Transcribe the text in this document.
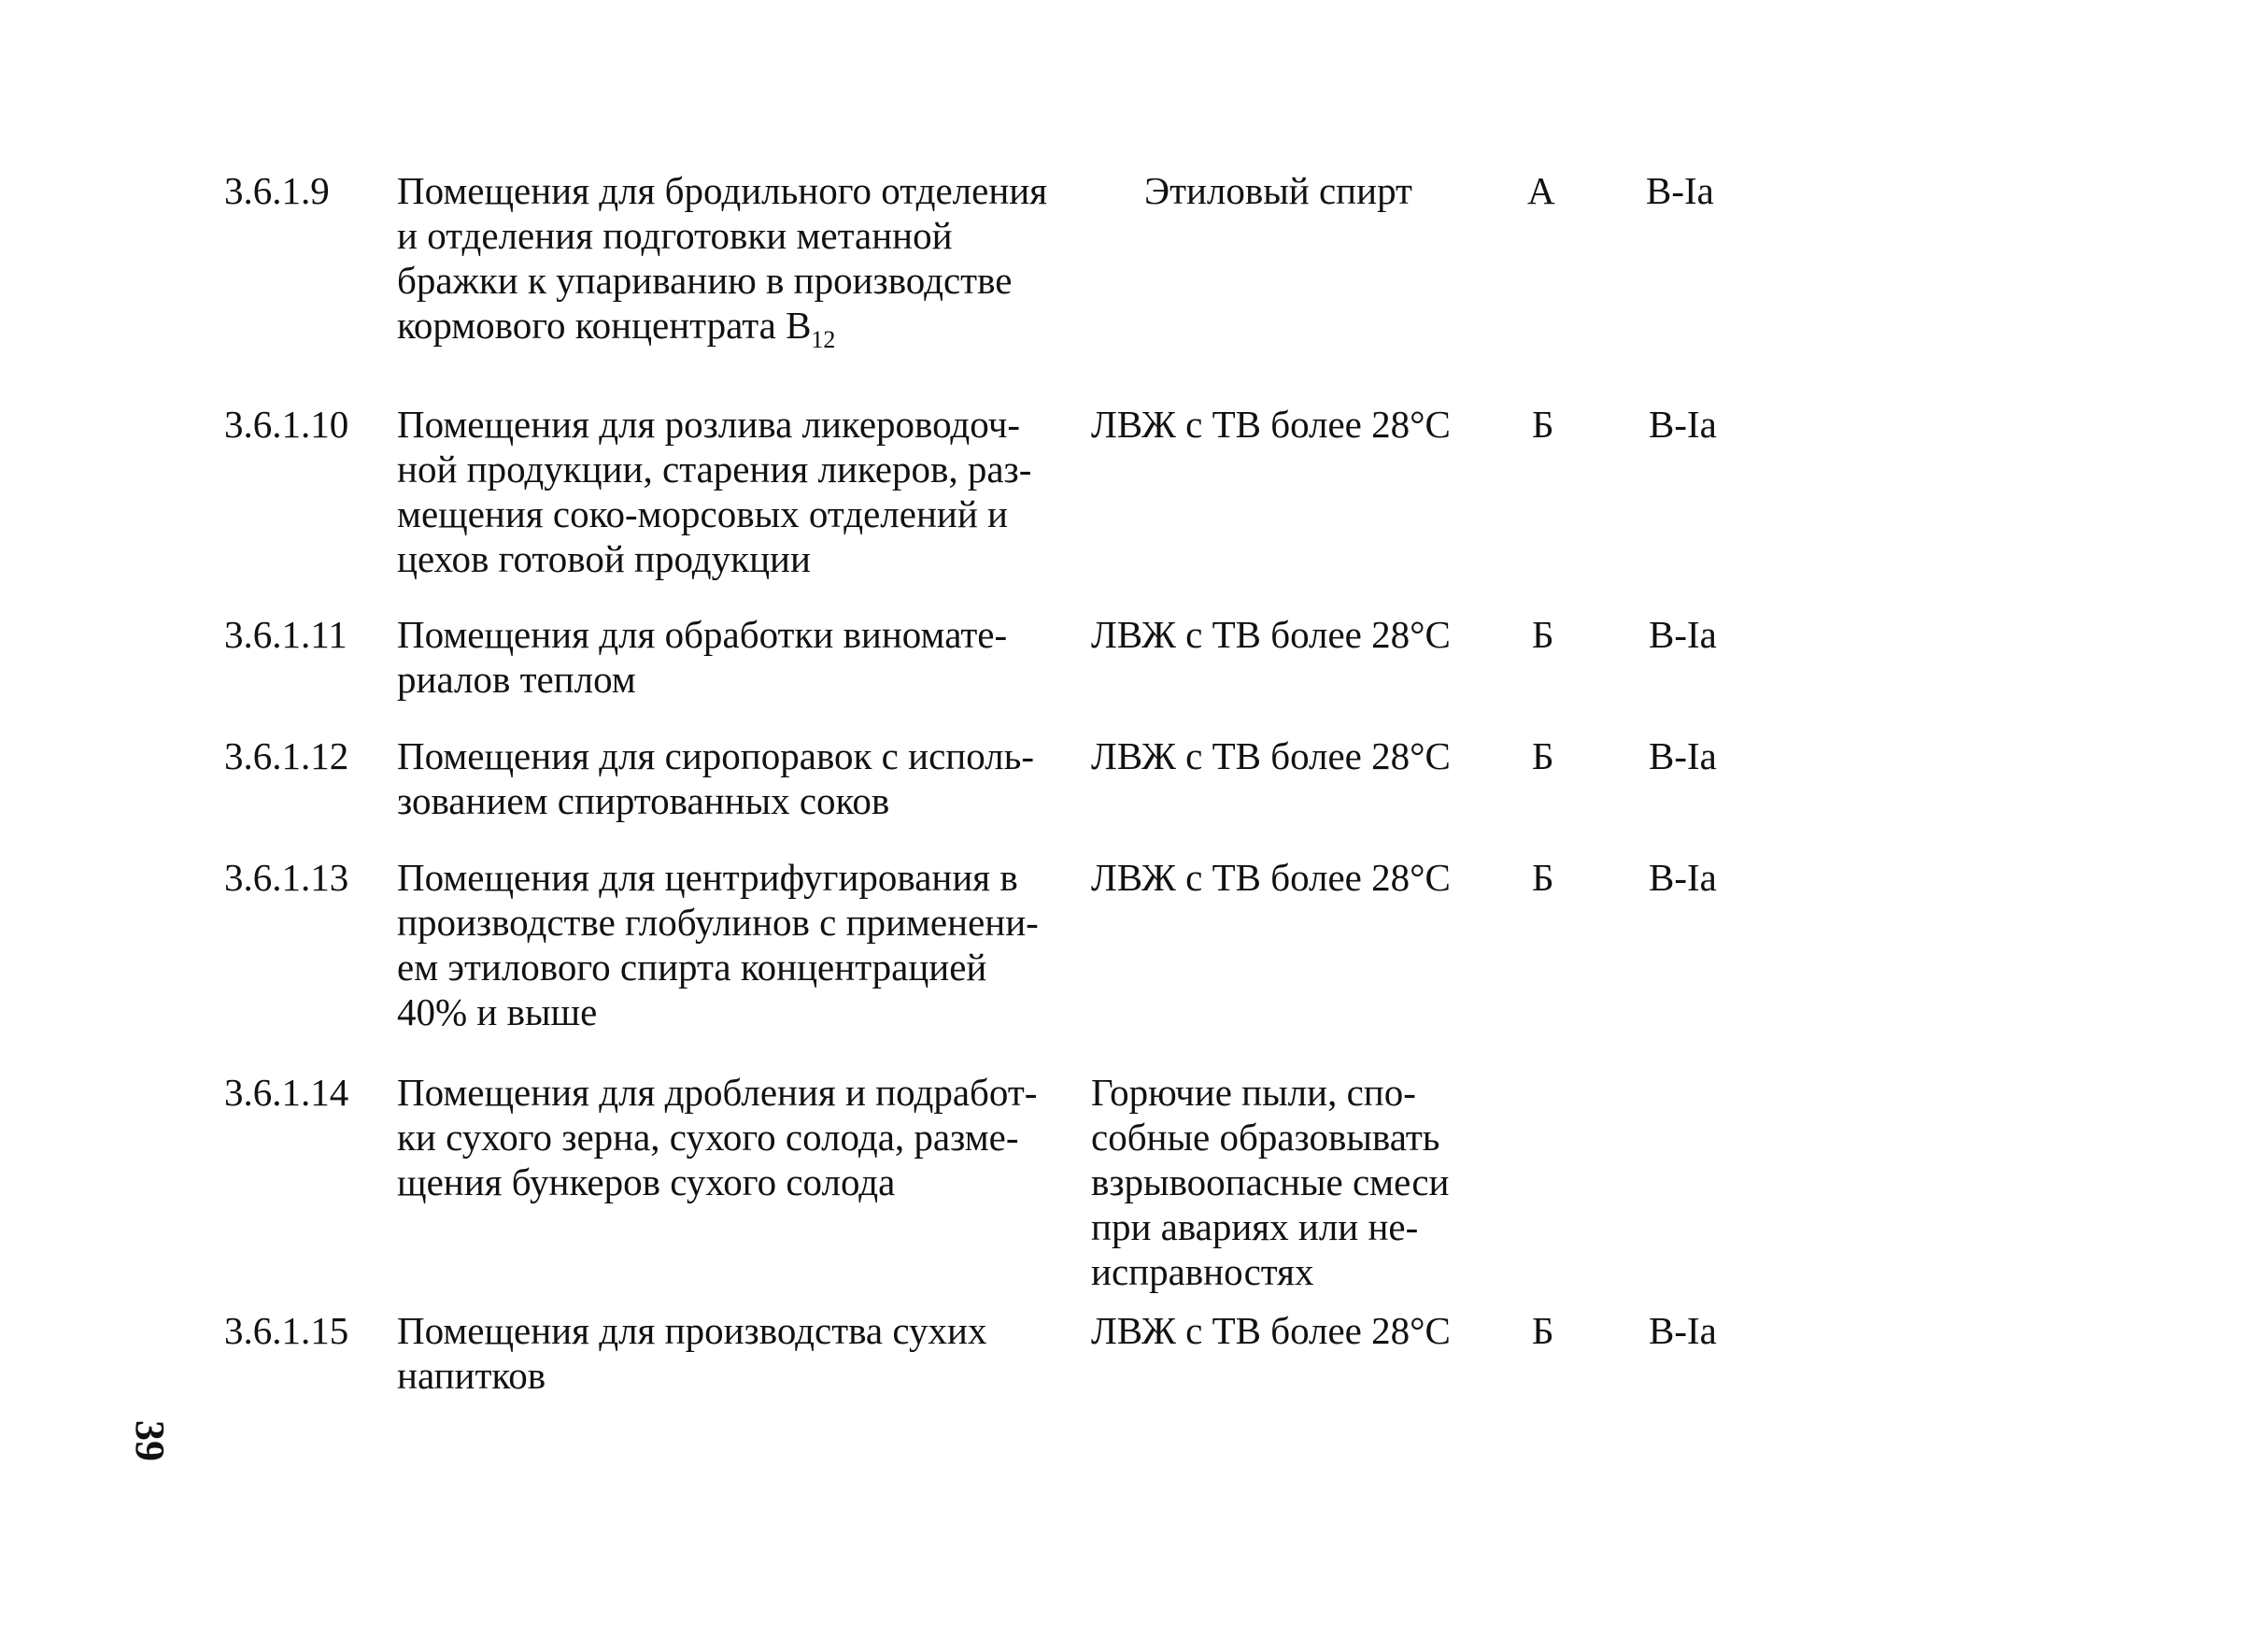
3.6.1.9	Помещения для бродильного отделения
и отделения подготовки метанной
бражки к упариванию в производстве
кормового концентрата $B_{12}$
Этиловый спирт	А	B-Ia
3.6.1.10	Помещения для розлива ликероводоч-
ной продукции, старения ликеров, раз-
мещения соко-морсовых отделений и
цехов готовой продукции
ЛВЖ с ТВ более 28°С	Б	B-Ia
3.6.1.11	Помещения для обработки виномате-
риалов теплом
ЛВЖ с ТВ более 28°С	Б	B-Ia
3.6.1.12	Помещения для сиропоравок с исполь-
зованием спиртованных соков
ЛВЖ с ТВ более 28°С	Б	B-Ia
3.6.1.13	Помещения для центрифугирования в
производстве глобулинов с применени-
ем этилового спирта концентрацией
40% и выше
ЛВЖ с ТВ более 28°С	Б	B-Ia
3.6.1.14	Помещения для дробления и подработ-
ки сухого зерна, сухого солода, разме-
щения бункеров сухого солода
Горючие пыли, спо-
собные образовывать
взрывоопасные смеси
при авариях или не-
исправностях
3.6.1.15	Помещения для производства сухих
напитков
ЛВЖ с ТВ более 28°С	Б	B-Ia
39
